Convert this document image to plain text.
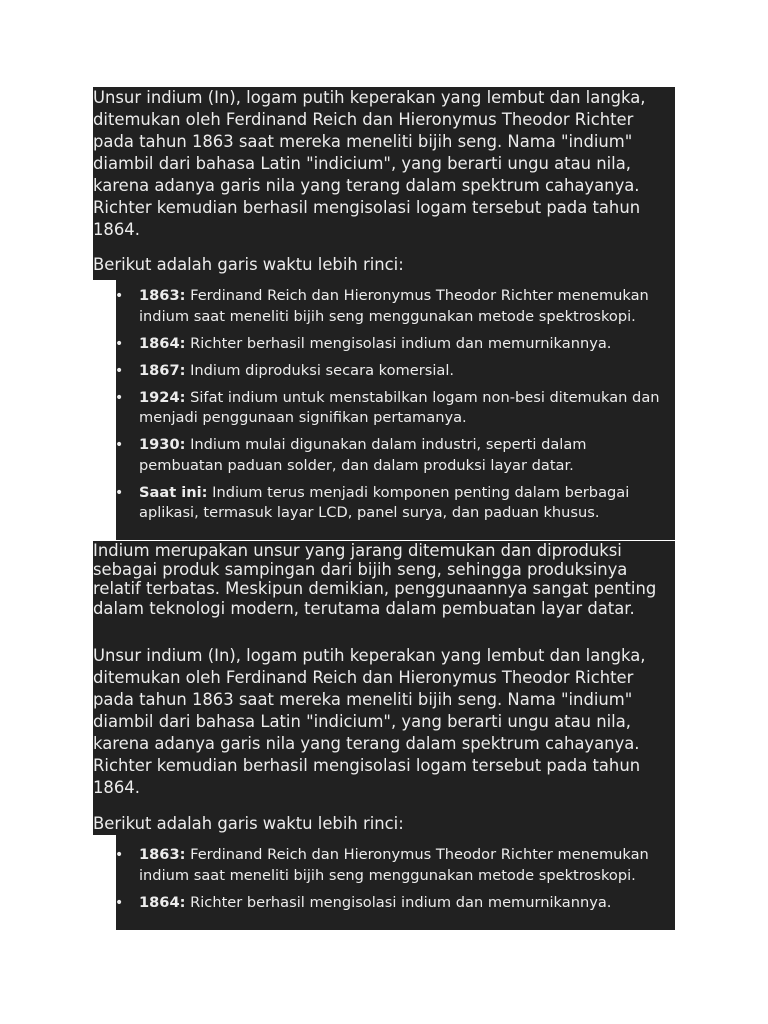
Unsur indium (In), logam putih keperakan yang lembut dan langka, ditemukan oleh Ferdinand Reich dan Hieronymus Theodor Richter pada tahun 1863 saat mereka meneliti bijih seng. Nama "indium" diambil dari bahasa Latin "indicium", yang berarti ungu atau nila, karena adanya garis nila yang terang dalam spektrum cahayanya. Richter kemudian berhasil mengisolasi logam tersebut pada tahun 1864.

Berikut adalah garis waktu lebih rinci:

• 1863: Ferdinand Reich dan Hieronymus Theodor Richter menemukan indium saat meneliti bijih seng menggunakan metode spektroskopi.
• 1864: Richter berhasil mengisolasi indium dan memurnikannya.
• 1867: Indium diproduksi secara komersial.
• 1924: Sifat indium untuk menstabilkan logam non-besi ditemukan dan menjadi penggunaan signifikan pertamanya.
• 1930: Indium mulai digunakan dalam industri, seperti dalam pembuatan paduan solder, dan dalam produksi layar datar.
• Saat ini: Indium terus menjadi komponen penting dalam berbagai aplikasi, termasuk layar LCD, panel surya, dan paduan khusus.

Indium merupakan unsur yang jarang ditemukan dan diproduksi sebagai produk sampingan dari bijih seng, sehingga produksinya relatif terbatas. Meskipun demikian, penggunaannya sangat penting dalam teknologi modern, terutama dalam pembuatan layar datar.

Unsur indium (In), logam putih keperakan yang lembut dan langka, ditemukan oleh Ferdinand Reich dan Hieronymus Theodor Richter pada tahun 1863 saat mereka meneliti bijih seng. Nama "indium" diambil dari bahasa Latin "indicium", yang berarti ungu atau nila, karena adanya garis nila yang terang dalam spektrum cahayanya. Richter kemudian berhasil mengisolasi logam tersebut pada tahun 1864.

Berikut adalah garis waktu lebih rinci:

• 1863: Ferdinand Reich dan Hieronymus Theodor Richter menemukan indium saat meneliti bijih seng menggunakan metode spektroskopi.
• 1864: Richter berhasil mengisolasi indium dan memurnikannya.
